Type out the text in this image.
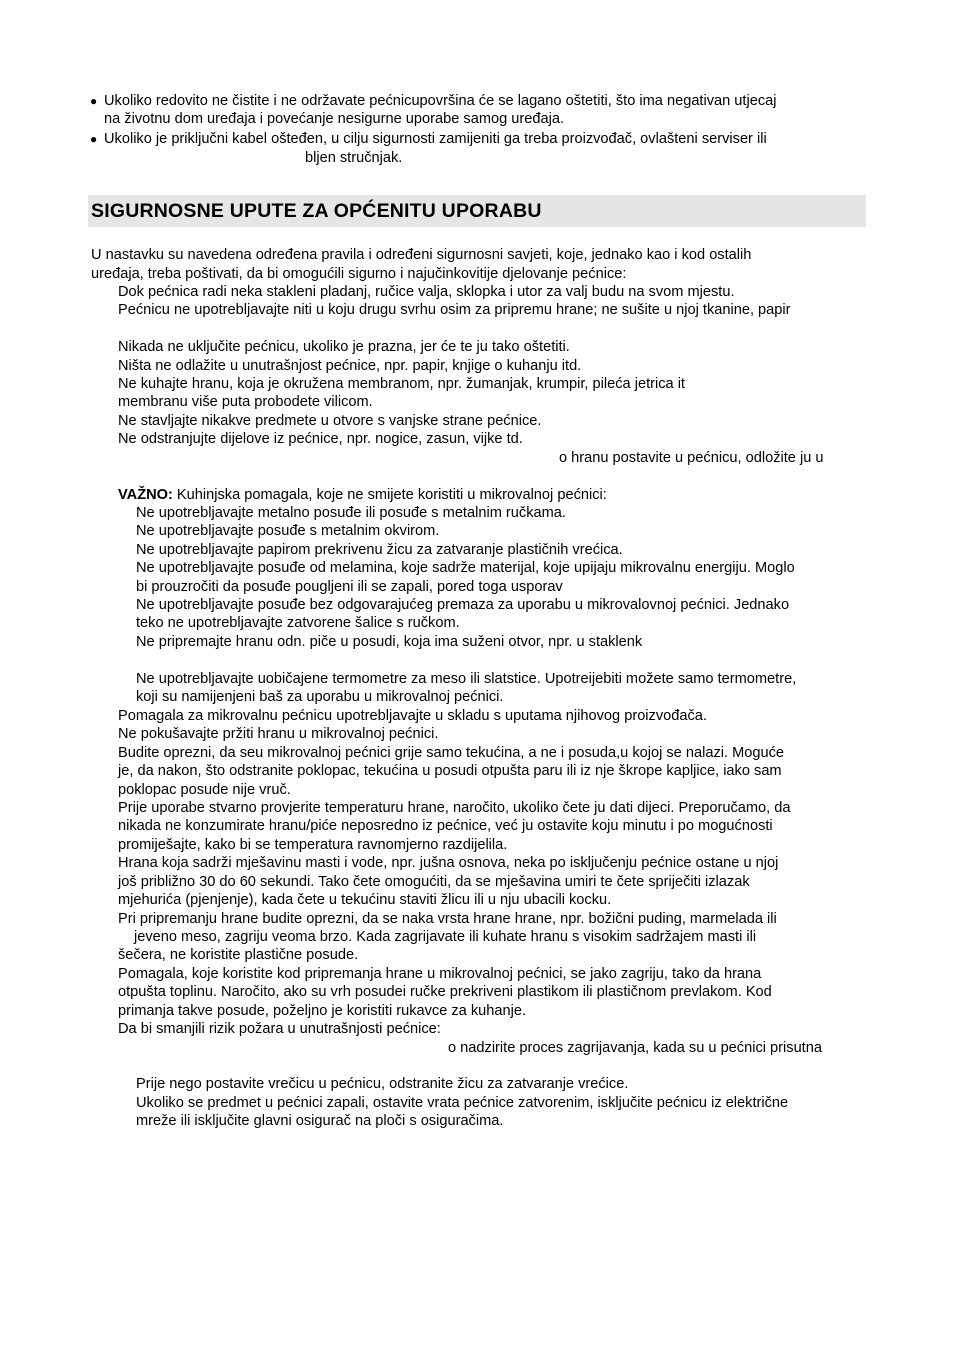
● Ukoliko redovito ne čistite i ne održavate pećnicupovršina će se lagano oštetiti, što ima negativan utjecaj
na životnu dom uređaja i povećanje nesigurne uporabe samog uređaja.
● Ukoliko je priključni kabel ošteđen, u cilju sigurnosti zamijeniti ga treba proizvođač, ovlašteni serviser ili
bljen stručnjak.
SIGURNOSNE UPUTE ZA OPĆENITU UPORABU
U nastavku su navedena određena pravila i određeni sigurnosni savjeti, koje, jednako kao i kod ostalih
uređaja, treba poštivati, da bi omogućili sigurno i najučinkovitije djelovanje pećnice:
Dok pećnica radi neka stakleni pladanj, ručice valja, sklopka i utor za valj budu na svom mjestu.
Pećnicu ne upotrebljavajte niti u koju drugu svrhu osim za pripremu hrane; ne sušite u njoj tkanine, papir
Nikada ne uključite pećnicu, ukoliko je prazna, jer će te ju tako oštetiti.
Ništa ne odlažite u unutrašnjost pećnice, npr. papir, knjige o kuhanju itd.
Ne kuhajte hranu, koja je okružena membranom, npr. žumanjak, krumpir, pileća jetrica it
membranu više puta probodete vilicom.
Ne stavljajte nikakve predmete u otvore s vanjske strane pećnice.
Ne odstranjujte dijelove iz pećnice, npr. nogice, zasun, vijke td.
o hranu postavite u pećnicu, odložite ju u
VAŽNO: Kuhinjska pomagala, koje ne smijete koristiti u mikrovalnoj pećnici:
Ne upotrebljavajte metalno posuđe ili posuđe s metalnim ručkama.
Ne upotrebljavajte posuđe s metalnim okvirom.
Ne upotrebljavajte papirom prekrivenu žicu za zatvaranje plastičnih vrećica.
Ne upotrebljavajte posuđe od melamina, koje sadrže materijal, koje upijaju mikrovalnu energiju. Moglo
bi prouzročiti da posuđe pougljeni ili se zapali, pored toga usporav
Ne upotrebljavajte posuđe bez odgovarajućeg premaza za uporabu u mikrovalovnoj pećnici. Jednako
teko ne upotrebljavajte zatvorene šalice s ručkom.
Ne pripremajte hranu odn. piče u posudi, koja ima suženi otvor, npr. u staklenk
Ne upotrebljavajte uobičajene termometre za meso ili slatstice. Upotreijebiti možete samo termometre,
koji su namijenjeni baš za uporabu u mikrovalnoj pećnici.
Pomagala za mikrovalnu pećnicu upotrebljavajte u skladu s uputama njihovog proizvođača.
Ne pokušavajte pržiti hranu u mikrovalnoj pećnici.
Budite oprezni, da seu mikrovalnoj pećnici grije samo tekućina, a ne i posuda,u kojoj se nalazi. Moguće
je, da nakon, što odstranite poklopac, tekućina u posudi otpušta paru ili iz nje škrope kapljice, iako sam
poklopac posude nije vruč.
Prije uporabe stvarno provjerite temperaturu hrane, naročito, ukoliko čete ju dati dijeci. Preporučamo, da
nikada ne konzumirate hranu/piće neposredno iz pećnice, već ju ostavite koju minutu i po mogućnosti
promiješajte, kako bi se temperatura ravnomjerno razdijelila.
Hrana koja sadrži mješavinu masti i vode, npr. jušna osnova, neka po isključenju pećnice ostane u njoj
još približno 30 do 60 sekundi. Tako čete omogućiti, da se mješavina umiri te čete spriječiti izlazak
mjehurića (pjenjenje), kada čete u tekućinu staviti žlicu ili u nju ubacili kocku.
Pri pripremanju hrane budite oprezni, da se naka vrsta hrane hrane, npr. božični puding, marmelada ili
jeveno meso, zagriju veoma brzo. Kada zagrijavate ili kuhate hranu s visokim sadržajem masti ili
šečera, ne koristite plastične posude.
Pomagala, koje koristite kod pripremanja hrane u mikrovalnoj pećnici, se jako zagriju, tako da hrana
otpušta toplinu. Naročito, ako su vrh posudei ručke prekriveni plastikom ili plastičnom prevlakom. Kod
primanja takve posude, poželjno je koristiti rukavce za kuhanje.
Da bi smanjili rizik požara u unutrašnjosti pećnice:
o nadzirite proces zagrijavanja, kada su u pećnici prisutna
Prije nego postavite vrečicu u pećnicu, odstranite žicu za zatvaranje vrećice.
Ukoliko se predmet u pećnici zapali, ostavite vrata pećnice zatvorenim, isključite pećnicu iz električne
mreže ili isključite glavni osigurač na ploči s osiguračima.
